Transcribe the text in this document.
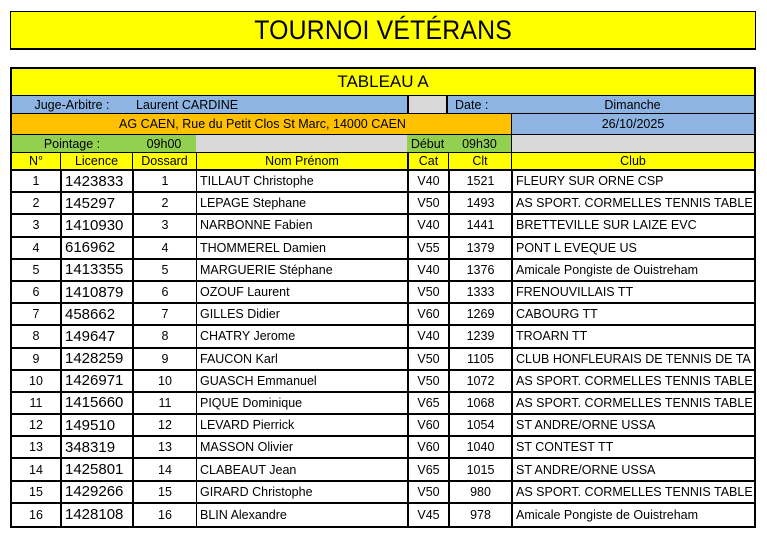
TOURNOI VÉTÉRANS
TABLEAU A
Juge-Arbitre :	Laurent CARDINE	Date :	Dimanche
AG CAEN, Rue du Petit Clos St Marc, 14000 CAEN	26/10/2025
Pointage :	09h00	Début	09h30
N°	Licence	Dossard	Nom Prénom	Cat	Clt	Club
1	1423833	1	TILLAUT Christophe	V40	1521	FLEURY SUR ORNE CSP
2	145297	2	LEPAGE Stephane	V50	1493	AS SPORT. CORMELLES TENNIS TABLE
3	1410930	3	NARBONNE Fabien	V40	1441	BRETTEVILLE SUR LAIZE EVC
4	616962	4	THOMMEREL Damien	V55	1379	PONT L EVEQUE US
5	1413355	5	MARGUERIE Stéphane	V40	1376	Amicale Pongiste de Ouistreham
6	1410879	6	OZOUF Laurent	V50	1333	FRENOUVILLAIS TT
7	458662	7	GILLES Didier	V60	1269	CABOURG TT
8	149647	8	CHATRY Jerome	V40	1239	TROARN TT
9	1428259	9	FAUCON Karl	V50	1105	CLUB HONFLEURAIS DE TENNIS DE TA
10	1426971	10	GUASCH Emmanuel	V50	1072	AS SPORT. CORMELLES TENNIS TABLE
11	1415660	11	PIQUE Dominique	V65	1068	AS SPORT. CORMELLES TENNIS TABLE
12	149510	12	LEVARD Pierrick	V60	1054	ST ANDRE/ORNE USSA
13	348319	13	MASSON Olivier	V60	1040	ST CONTEST TT
14	1425801	14	CLABEAUT Jean	V65	1015	ST ANDRE/ORNE USSA
15	1429266	15	GIRARD Christophe	V50	980	AS SPORT. CORMELLES TENNIS TABLE
16	1428108	16	BLIN Alexandre	V45	978	Amicale Pongiste de Ouistreham
